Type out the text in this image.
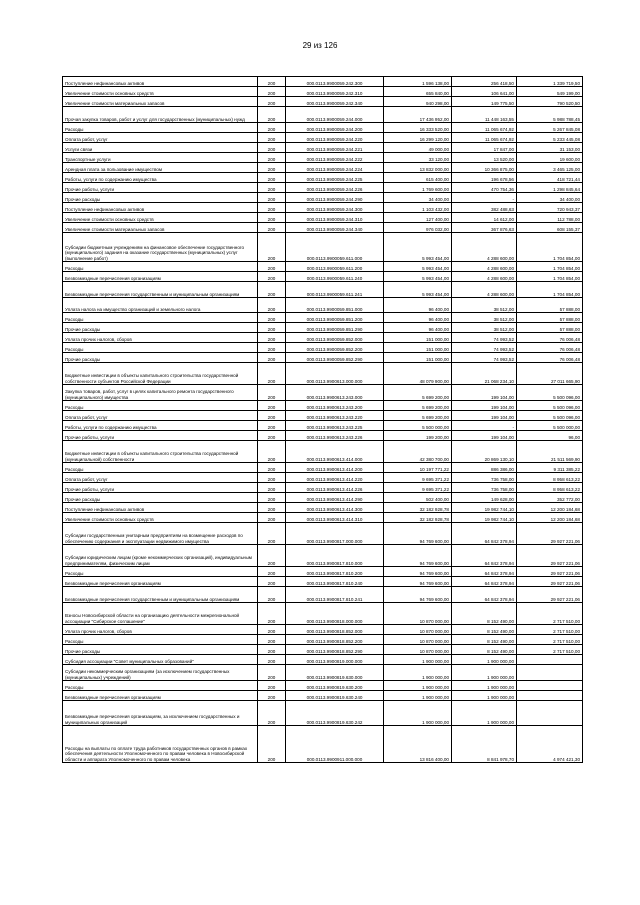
29 из 126
Поступление нефинансовых активов	200	000.0113.9900059.242.300	1 596 138,00	256 418,50	1 339 719,50
Увеличение стоимости основных средств	200	000.0113.9900059.242.310	655 840,00	106 641,00	549 199,00
Увеличение стоимости материальных запасов	200	000.0113.9900059.242.340	940 298,00	149 775,50	790 520,50
Прочая закупка товаров, работ и услуг для государственных (муниципальных) нужд	200	000.0113.9900059.244.000	17 436 952,00	11 448 163,55	5 988 788,45
Расходы	200	000.0113.9900059.244.200	16 333 520,00	11 065 674,92	5 267 845,08
Оплата работ, услуг	200	000.0113.9900059.244.220	16 299 120,00	11 065 674,92	5 233 445,08
Услуги связи	200	000.0113.9900059.244.221	49 000,00	17 847,00	31 153,00
Транспортные услуги	200	000.0113.9900059.244.222	33 120,00	13 520,00	19 600,00
Арендная плата за пользование имуществом	200	000.0113.9900059.244.224	13 832 000,00	10 366 875,00	3 465 125,00
Работы, услуги по содержанию имущества	200	000.0113.9900059.244.225	615 400,00	196 678,56	418 721,44
Прочие работы, услуги	200	000.0113.9900059.244.226	1 769 600,00	470 754,36	1 298 845,64
Прочие расходы	200	000.0113.9900059.244.290	34 400,00	-	34 400,00
Поступление нефинансовых активов	200	000.0113.9900059.244.300	1 103 432,00	382 488,63	720 943,37
Увеличение стоимости основных средств	200	000.0113.9900059.244.310	127 400,00	14 612,00	112 788,00
Увеличение стоимости материальных запасов	200	000.0113.9900059.244.340	976 032,00	367 876,63	608 155,37
Субсидии бюджетным учреждениям на финансовое обеспечение государственного (муниципального) задания на оказание государственных (муниципальных) услуг (выполнение работ)	200	000.0113.9900059.611.000	5 993 454,00	4 288 600,00	1 704 854,00
Расходы	200	000.0113.9900059.611.200	5 993 454,00	4 288 600,00	1 704 854,00
Безвозмездные перечисления организациям	200	000.0113.9900059.611.240	5 993 454,00	4 288 600,00	1 704 854,00
Безвозмездные перечисления государственным и муниципальным организациям	200	000.0113.9900059.611.241	5 993 454,00	4 288 600,00	1 704 854,00
Уплата налога на имущество организаций и земельного налога	200	000.0113.9900059.851.000	96 400,00	38 512,00	57 888,00
Расходы	200	000.0113.9900059.851.200	96 400,00	38 512,00	57 888,00
Прочие расходы	200	000.0113.9900059.851.290	96 400,00	38 512,00	57 888,00
Уплата прочих налогов, сборов	200	000.0113.9900059.852.000	151 000,00	74 993,52	76 006,48
Расходы	200	000.0113.9900059.852.200	151 000,00	74 993,52	76 006,48
Прочие расходы	200	000.0113.9900059.852.290	151 000,00	74 993,52	76 006,48
Бюджетные инвестиции в объекты капитального строительства государственной собственности субъектов Российской Федерации	200	000.0113.9900613.000.000	48 079 900,00	21 068 234,10	27 011 665,90
Закупка товаров, работ, услуг в целях капитального ремонта государственного (муниципального) имущества	200	000.0113.9900613.243.000	5 699 200,00	199 104,00	5 500 096,00
Расходы	200	000.0113.9900613.243.200	5 699 200,00	199 104,00	5 500 096,00
Оплата работ, услуг	200	000.0113.9900613.243.220	5 699 200,00	199 104,00	5 500 096,00
Работы, услуги по содержанию имущества	200	000.0113.9900613.243.225	5 500 000,00	-	5 500 000,00
Прочие работы, услуги	200	000.0113.9900613.243.226	199 200,00	199 104,00	96,00
Бюджетные инвестиции в объекты капитального строительства государственной (муниципальной) собственности	200	000.0113.9900613.414.000	42 380 700,00	20 869 130,10	21 511 569,90
Расходы	200	000.0113.9900613.414.200	10 197 771,22	886 386,00	9 311 385,22
Оплата работ, услуг	200	000.0113.9900613.414.220	9 695 371,22	736 758,00	8 958 613,22
Прочие работы, услуги	200	000.0113.9900613.414.226	9 695 371,22	736 758,00	8 958 613,22
Прочие расходы	200	000.0113.9900613.414.290	502 400,00	149 628,00	352 772,00
Поступление нефинансовых активов	200	000.0113.9900613.414.300	32 182 928,78	19 982 744,10	12 200 184,68
Увеличение стоимости основных средств	200	000.0113.9900613.414.310	32 182 928,78	19 982 744,10	12 200 184,68
Субсидии государственным унитарным предприятиям на возмещение расходов по обеспечению содержания и эксплуатации недвижимого имущества	200	000.0113.9900817.000.000	94 769 600,00	64 842 378,94	29 927 221,06
Субсидии юридическим лицам (кроме некоммерческих организаций), индивидуальным предпринимателям, физическим лицам	200	000.0113.9900817.810.000	94 769 600,00	64 842 378,94	29 927 221,06
Расходы	200	000.0113.9900817.810.200	94 769 600,00	64 842 378,94	29 927 221,06
Безвозмездные перечисления организациям	200	000.0113.9900817.810.240	94 769 600,00	64 842 378,94	29 927 221,06
Безвозмездные перечисления государственным и муниципальным организациям	200	000.0113.9900817.810.241	94 769 600,00	64 842 378,94	29 927 221,06
Взносы Новосибирской области на организацию деятельности межрегиональной ассоциации "Сибирское соглашение"	200	000.0113.9900818.000.000	10 870 000,00	8 152 490,00	2 717 510,00
Уплата прочих налогов, сборов	200	000.0113.9900818.852.000	10 870 000,00	8 152 490,00	2 717 510,00
Расходы	200	000.0113.9900818.852.200	10 870 000,00	8 152 490,00	2 717 510,00
Прочие расходы	200	000.0113.9900818.852.290	10 870 000,00	8 152 490,00	2 717 510,00
Субсидия ассоциации "Совет муниципальных образований"	200	000.0113.9900819.000.000	1 900 000,00	1 900 000,00	
Субсидии некоммерческим организациям (за исключением государственных (муниципальных) учреждений)	200	000.0113.9900819.630.000	1 900 000,00	1 900 000,00	
Расходы	200	000.0113.9900819.630.200	1 900 000,00	1 900 000,00	
Безвозмездные перечисления организациям	200	000.0113.9900819.630.240	1 900 000,00	1 900 000,00	
Безвозмездные перечисления организациям, за исключением государственных и муниципальных организаций	200	000.0113.9900819.630.242	1 900 000,00	1 900 000,00	
Расходы на выплаты по оплате труда работников государственных органов в рамках обеспечения деятельности Уполномоченного по правам человека в Новосибирской области и аппарата Уполномоченного по правам человека	200	000.0113.9900911.000.000	13 816 400,00	8 841 978,70	4 974 421,30
